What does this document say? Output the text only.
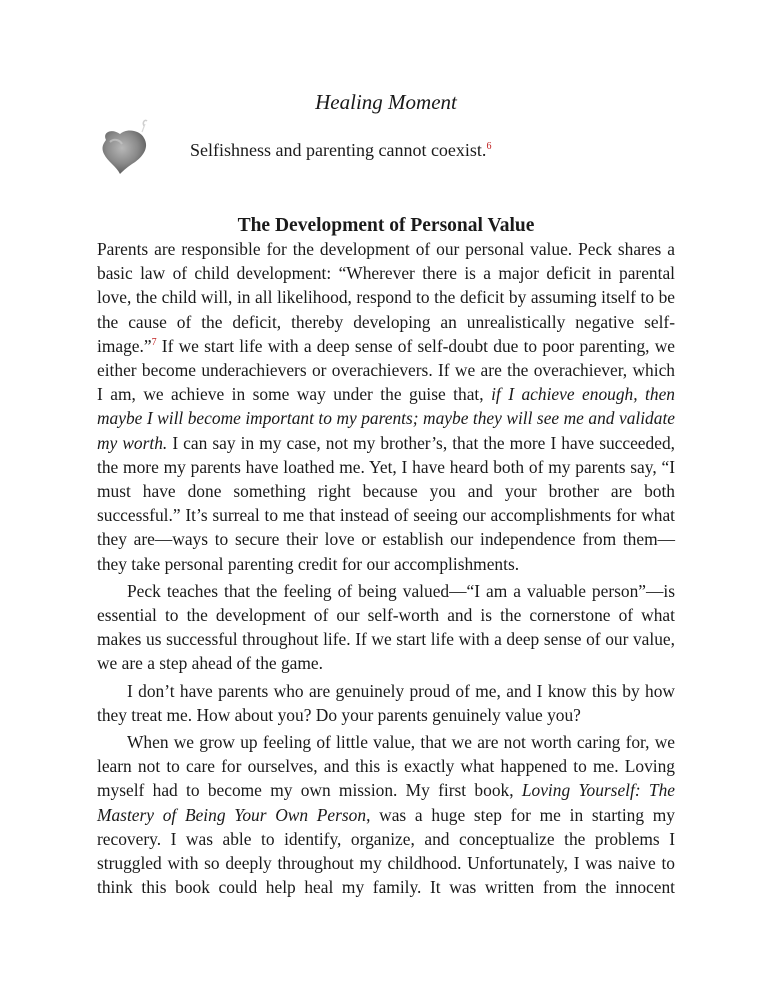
Healing Moment
Selfishness and parenting cannot coexist.$^6$
The Development of Personal Value

Parents are responsible for the development of our personal value. Peck shares a basic law of child development: “Wherever there is a major deficit in parental love, the child will, in all likelihood, respond to the deficit by assuming itself to be the cause of the deficit, thereby developing an unrealistically negative self-image.”$^7$ If we start life with a deep sense of self-doubt due to poor parenting, we either become underachievers or overachievers. If we are the overachiever, which I am, we achieve in some way under the guise that, if I achieve enough, then maybe I will become important to my parents; maybe they will see me and validate my worth. I can say in my case, not my brother’s, that the more I have succeeded, the more my parents have loathed me. Yet, I have heard both of my parents say, “I must have done something right because you and your brother are both successful.” It’s surreal to me that instead of seeing our accomplishments for what they are—ways to secure their love or establish our independence from them—they take personal parenting credit for our accomplishments.

Peck teaches that the feeling of being valued—“I am a valuable person”—is essential to the development of our self-worth and is the cornerstone of what makes us successful throughout life. If we start life with a deep sense of our value, we are a step ahead of the game.

I don’t have parents who are genuinely proud of me, and I know this by how they treat me. How about you? Do your parents genuinely value you?

When we grow up feeling of little value, that we are not worth caring for, we learn not to care for ourselves, and this is exactly what happened to me. Loving myself had to become my own mission. My first book, Loving Yourself: The Mastery of Being Your Own Person, was a huge step for me in starting my recovery. I was able to identify, organize, and conceptualize the problems I struggled with so deeply throughout my childhood. Unfortunately, I was naive to think this book could help heal my family. It was written from the innocent
